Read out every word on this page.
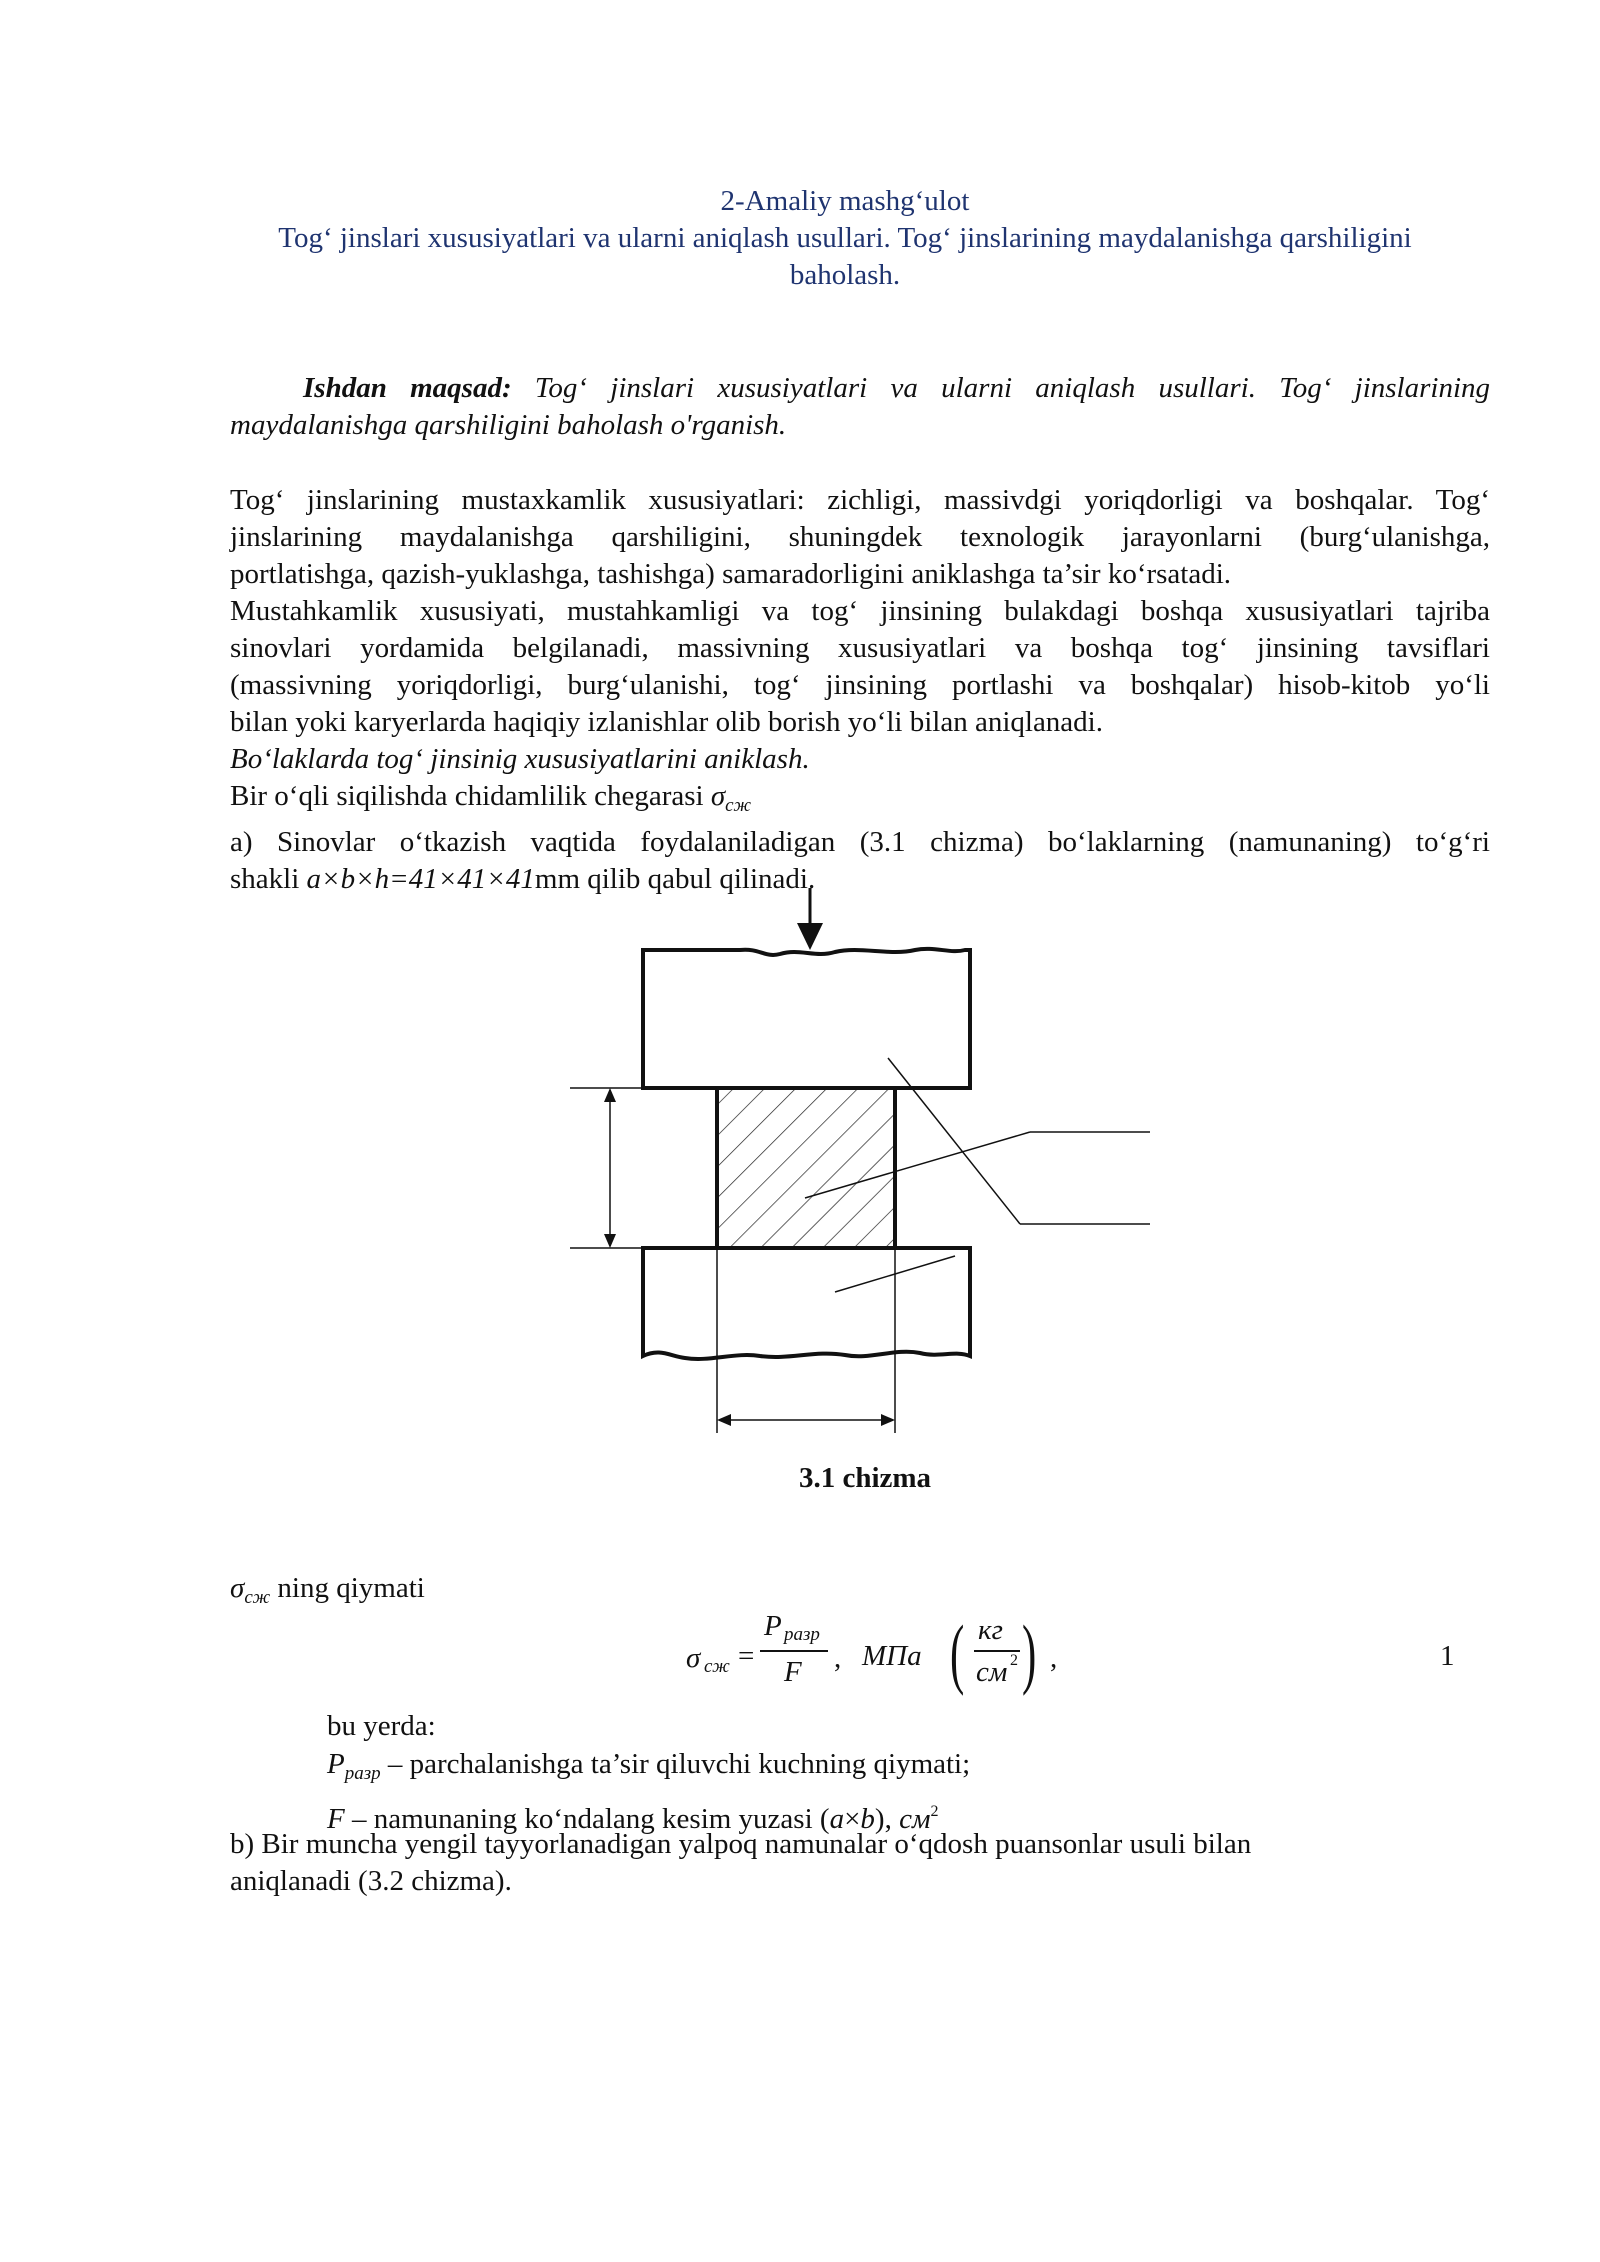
2-Amaliy mashg‘ulot
Tog‘ jinslari xususiyatlari va ularni aniqlash usullari. Tog‘ jinslarining maydalanishga qarshiligini
baholash.

Ishdan maqsad: Tog‘ jinslari xususiyatlari va ularni aniqlash usullari. Tog‘ jinslarining

maydalanishga qarshiligini baholash o'rganish.

Tog‘ jinslarining mustaxkamlik xususiyatlari: zichligi, massivdgi yoriqdorligi va boshqalar. Tog‘

jinslarining maydalanishga qarshiligini, shuningdek texnologik jarayonlarni (burg‘ulanishga,

portlatishga, qazish-yuklashga, tashishga) samaradorligini aniklashga ta’sir ko‘rsatadi.

Mustahkamlik xususiyati, mustahkamligi va tog‘ jinsining bulakdagi boshqa xususiyatlari tajriba

sinovlari yordamida belgilanadi, massivning xususiyatlari va boshqa tog‘ jinsining tavsiflari

(massivning yoriqdorligi, burg‘ulanishi, tog‘ jinsining portlashi va boshqalar) hisob-kitob yo‘li

bilan yoki karyerlarda haqiqiy izlanishlar olib borish yo‘li bilan aniqlanadi.

Bo‘laklarda tog‘ jinsinig xususiyatlarini aniklash.

Bir o‘qli siqilishda chidamlilik chegarasi $\sigma_{сж}$

a) Sinovlar o‘tkazish vaqtida foydalaniladigan (3.1 chizma) bo‘laklarning (namunaning) to‘g‘ri

shakli a×b×h=41×41×41mm qilib qabul qilinadi.

3.1 chizma
$\sigma_{сж}$ ning qiymati
σ сж =
P разр
F , МПа ( кг
см 2 ) ,	1

bu yerda:

$P_{разр}$ – parchalanishga ta’sir qiluvchi kuchning qiymati;

F – namunaning ko‘ndalang kesim yuzasi (a×b), $см^2$

b) Bir muncha yengil tayyorlanadigan yalpoq namunalar o‘qdosh puansonlar usuli bilan

aniqlanadi (3.2 chizma).
